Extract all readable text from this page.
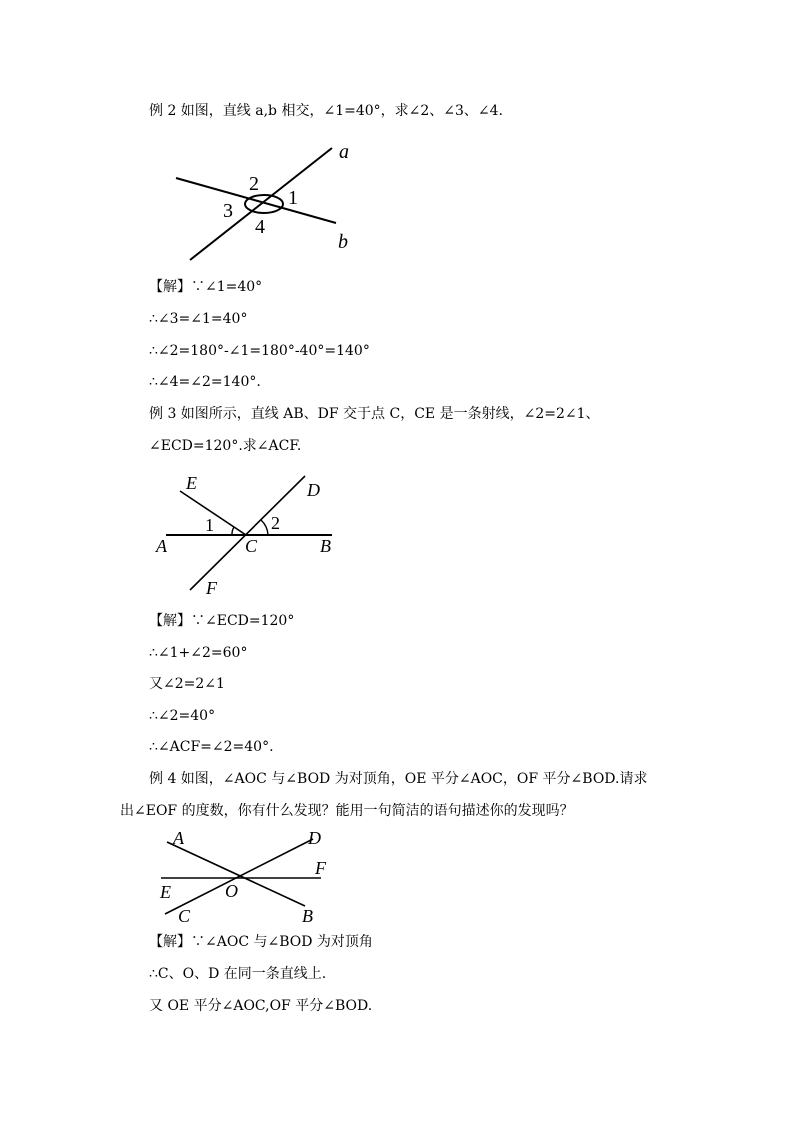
例 2 如图，直线 a,b 相交，∠1=40°，求∠2、∠3、∠4.
a
b
2
1
3
4
【解】∵∠1=40°
∴∠3=∠1=40°
∴∠2=180°-∠1=180°-40°=140°
∴∠4=∠2=140°.
例 3 如图所示，直线 AB、DF 交于点 C，CE 是一条射线，∠2=2∠1、
∠ECD=120°.求∠ACF.
E	D
A	B
C
F
1	2
【解】∵∠ECD=120°
∴∠1+∠2=60°
又∠2=2∠1
∴∠2=40°
∴∠ACF=∠2=40°.
例 4 如图，∠AOC 与∠BOD 为对顶角，OE 平分∠AOC，OF 平分∠BOD.请求
出∠EOF 的度数，你有什么发现？能用一句简洁的语句描述你的发现吗？
A	D
F
E	O
C	B
【解】∵∠AOC 与∠BOD 为对顶角
∴C、O、D 在同一条直线上.
又 OE 平分∠AOC,OF 平分∠BOD.
